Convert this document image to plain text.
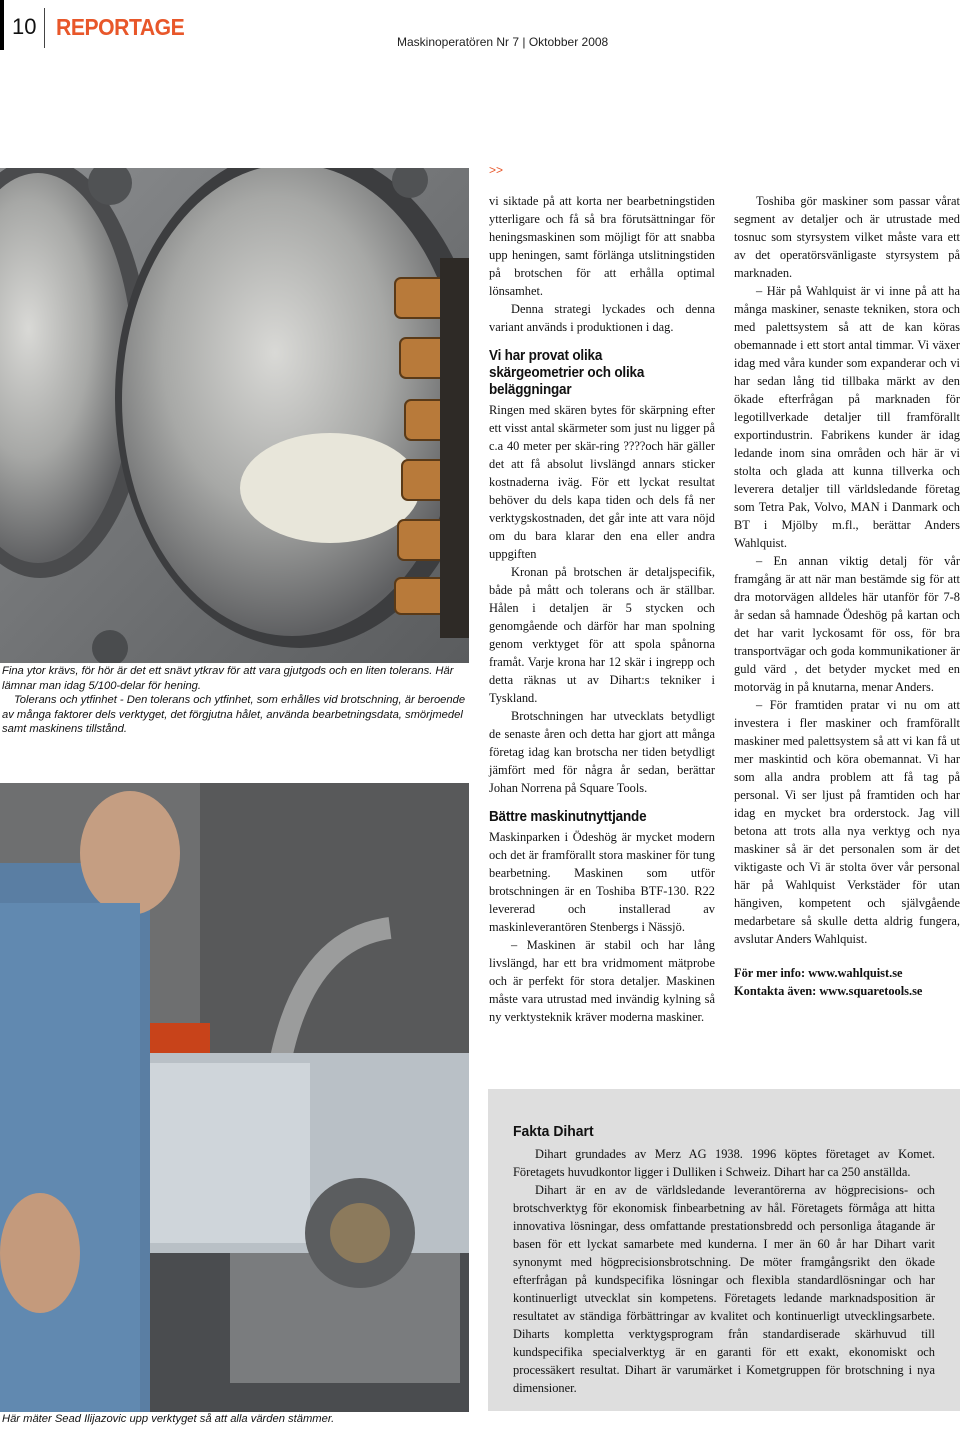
10 REPORTAGE
Maskinoperatören Nr 7 | Oktobber 2008

Fina ytor krävs, för hör är det ett snävt ytkrav för att vara gjutgods och en liten tolerans. Här lämnar man idag 5/100-delar för hening.

Tolerans och ytfinhet - Den tolerans och ytfinhet, som erhålles vid brotschning, är beroende av många faktorer dels verktyget, det förgjutna hålet, använda bearbetningsdata, smörjmedel samt maskinens tillstånd.

Här mäter Sead Ilijazovic upp verktyget så att alla värden stämmer.
>>

vi siktade på att korta ner bearbetningstiden ytterligare och få så bra förutsättningar för heningsmaskinen som möjligt för att snabba upp heningen, samt förlänga utslitningstiden på brotschen för att erhålla optimal lönsamhet.

Denna strategi lyckades och denna variant används i produktionen i dag.

Vi har provat olika skärgeometrier och olika beläggningar

Ringen med skären bytes för skärpning efter ett visst antal skärmeter som just nu ligger på c.a 40 meter per skär-ring ????och här gäller det att få absolut livslängd annars sticker kostnaderna iväg. För ett lyckat resultat behöver du dels kapa tiden och dels få ner verktygskostnaden, det går inte att vara nöjd om du bara klarar den ena eller andra uppgiften

Kronan på brotschen är detaljspecifik, både på mått och tolerans och är ställbar. Hålen i detaljen är 5 stycken och genomgående och därför har man spolning genom verktyget för att spola spånorna framåt. Varje krona har 12 skär i ingrepp och detta räknas ut av Dihart:s tekniker i Tyskland.

Brotschningen har utvecklats betydligt de senaste åren och detta har gjort att många företag idag kan brotscha ner tiden betydligt jämfört med för några år sedan, berättar Johan Norrena på Square Tools.

Bättre maskinutnyttjande

Maskinparken i Ödeshög är mycket modern och det är framförallt stora maskiner för tung bearbetning. Maskinen som utför brotschningen är en Toshiba BTF-130. R22 levererad och installerad av maskinleverantören Stenbergs i Nässjö.

– Maskinen är stabil och har lång livslängd, har ett bra vridmoment mätprobe och är perfekt för stora detaljer. Maskinen måste vara utrustad med invändig kylning så ny verktysteknik kräver moderna maskiner.

Toshiba gör maskiner som passar vårat segment av detaljer och är utrustade med tosnuc som styrsystem vilket måste vara ett av det operatörsvänligaste styrsystem på marknaden.

– Här på Wahlquist är vi inne på att ha många maskiner, senaste tekniken, stora och med palettsystem så att de kan köras obemannade i ett stort antal timmar. Vi växer idag med våra kunder som expanderar och vi har sedan lång tid tillbaka märkt av den ökade efterfrågan på marknaden för legotillverkade detaljer till framförallt exportindustrin. Fabrikens kunder är idag ledande inom sina områden och här är vi stolta och glada att kunna tillverka och leverera detaljer till världsledande företag som Tetra Pak, Volvo, MAN i Danmark och BT i Mjölby m.fl., berättar Anders Wahlquist.

– En annan viktig detalj för vår framgång är att när man bestämde sig för att dra motorvägen alldeles här utanför för 7-8 år sedan så hamnade Ödeshög på kartan och det har varit lyckosamt för oss, för bra transportvägar och goda kommunikationer är guld värd , det betyder mycket med en motorväg in på knutarna, menar Anders.

– För framtiden pratar vi nu om att investera i fler maskiner och framförallt maskiner med palettsystem så att vi kan få ut mer maskintid och köra obemannat. Vi har som alla andra problem att få tag på personal. Vi ser ljust på framtiden och har idag en mycket bra orderstock. Jag vill betona att trots alla nya verktyg och nya maskiner så är det personalen som är det viktigaste och Vi är stolta över vår personal här på Wahlquist Verkstäder för utan hängiven, kompetent och självgående medarbetare så skulle detta aldrig fungera, avslutar Anders Wahlquist.

För mer info: www.wahlquist.se

Kontakta även: www.squaretools.se

Fakta Dihart

Dihart grundades av Merz AG 1938. 1996 köptes företaget av Komet. Företagets huvudkontor ligger i Dulliken i Schweiz. Dihart har ca 250 anställda.

Dihart är en av de världsledande leverantörerna av högprecisions- och brotschverktyg för ekonomisk finbearbetning av hål. Företagets förmåga att hitta innovativa lösningar, dess omfattande prestationsbredd och personliga åtagande är basen för ett lyckat samarbete med kunderna. I mer än 60 år har Dihart varit synonymt med högprecisionsbrotschning. De möter framgångsrikt den ökade efterfrågan på kundspecifika lösningar och flexibla standardlösningar och har kontinuerligt utvecklat sin kompetens. Företagets ledande marknadsposition är resultatet av ständiga förbättringar av kvalitet och kontinuerligt utvecklingsarbete. Diharts kompletta verktygsprogram från standardiserade skärhuvud till kundspecifika specialverktyg är en garanti för ett exakt, ekonomiskt och processäkert resultat. Dihart är varumärket i Kometgruppen för brotschning i nya dimensioner.
